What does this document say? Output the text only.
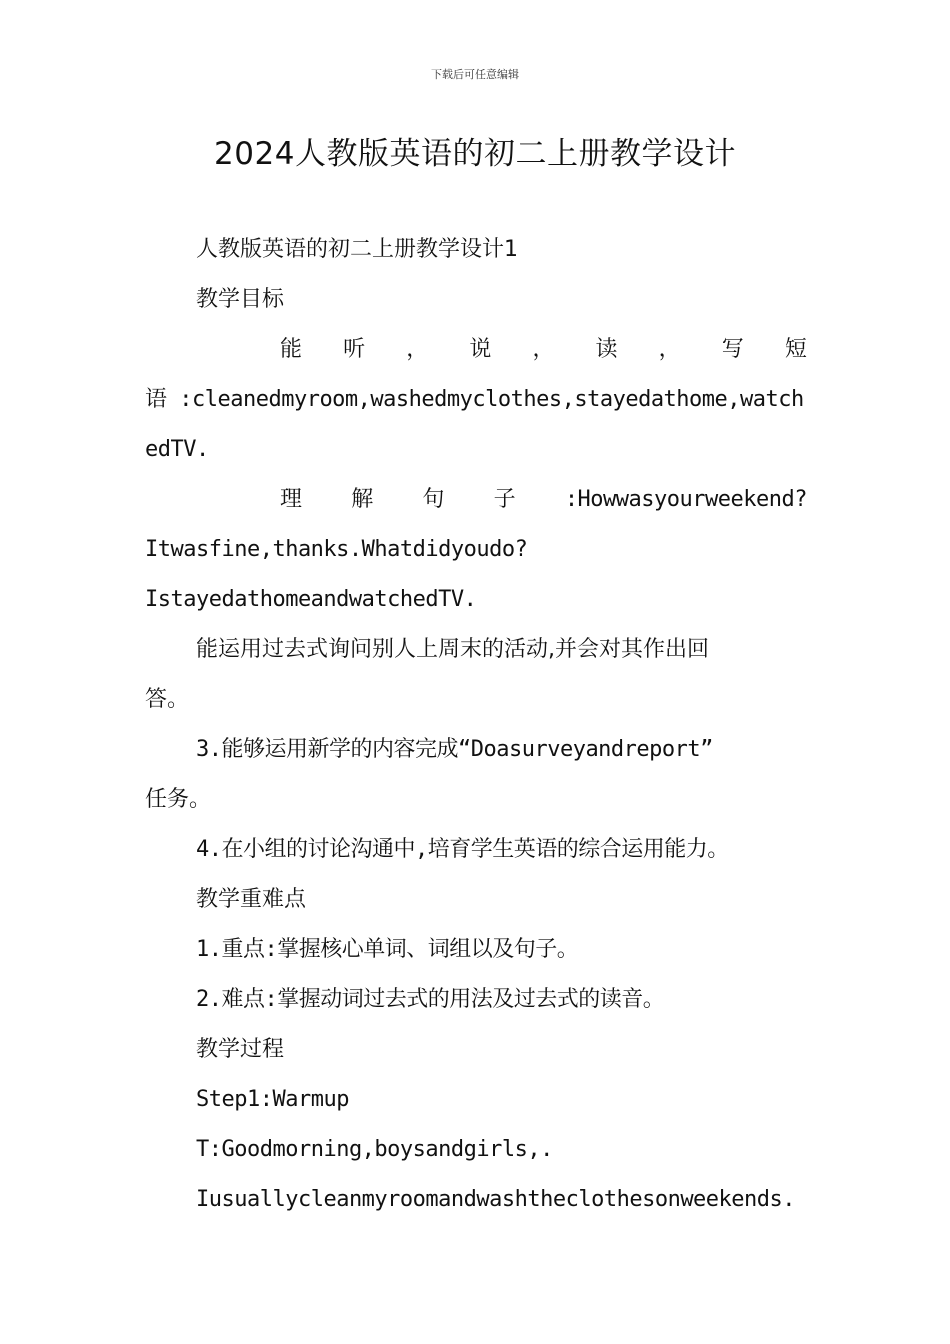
下载后可任意编辑
2024人教版英语的初二上册教学设计
人教版英语的初二上册教学设计1
教学目标
能 听 ， 说 ， 读 ， 写 短
语 :cleanedmyroom,washedmyclothes,stayedathome,watch
edTV.
理 解 句 子 :Howwasyourweekend?
Itwasfine,thanks.Whatdidyoudo?
IstayedathomeandwatchedTV.
能运用过去式询问别人上周末的活动,并会对其作出回
答。
3.能够运用新学的内容完成“Doasurveyandreport”
任务。
4.在小组的讨论沟通中,培育学生英语的综合运用能力。
教学重难点
1.重点:掌握核心单词、词组以及句子。
2.难点:掌握动词过去式的用法及过去式的读音。
教学过程
Step1:Warmup
T:Goodmorning,boysandgirls,.
Iusuallycleanmyroomandwashtheclothesonweekends.
